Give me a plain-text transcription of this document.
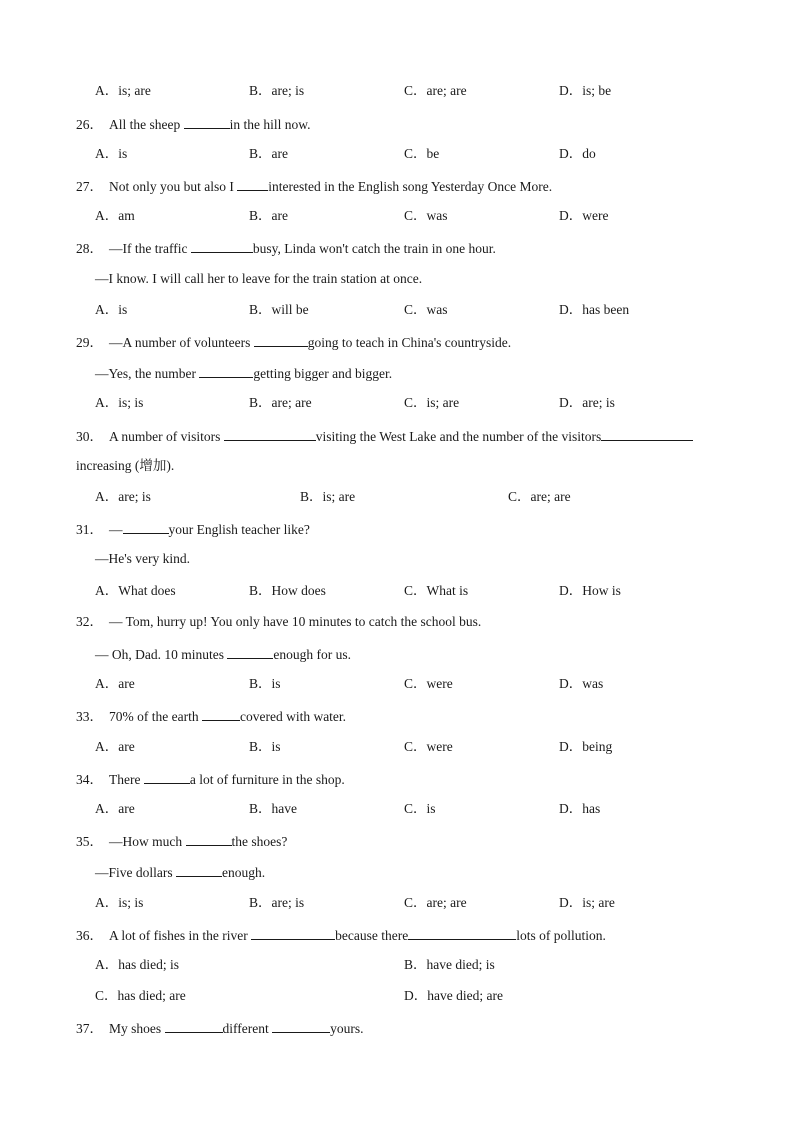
A．is; are	B．are; is	C．are; are	D．is; be
26． All the sheep	in the hill now.
A．is	B．are	C．be	D．do
27． Not only you but also I	interested in the English song Yesterday Once More.
A．am	B．are	C．was	D．were
28． —If the traffic	busy, Linda won't catch the train in one hour.
—I know. I will call her to leave for the train station at once.
A．is	B．will be	C．was	D．has been
29． —A number of volunteers	going to teach in China's countryside.
—Yes, the number	getting bigger and bigger.
A．is; is	B．are; are	C．is; are	D．are; is
30． A number of visitors	visiting the West Lake and the number of the visitors
increasing (增加).
A．are; is	B．is; are	C．are; are
31． —	your English teacher like?
—He's very kind.
A．What does	B．How does	C．What is	D．How is
32． — Tom, hurry up! You only have 10 minutes to catch the school bus.
— Oh, Dad. 10 minutes	enough for us.
A．are	B．is	C．were	D．was
33． 70% of the earth	covered with water.
A．are	B．is	C．were	D．being
34． There	a lot of furniture in the shop.
A．are	B．have	C．is	D．has
35． —How much	the shoes?
—Five dollars	enough.
A．is; is	B．are; is	C．are; are	D．is; are
36． A lot of fishes in the river	because there	lots of pollution.
A．has died; is	B．have died; is
C．has died; are	D．have died; are
37． My shoes	different	yours.
